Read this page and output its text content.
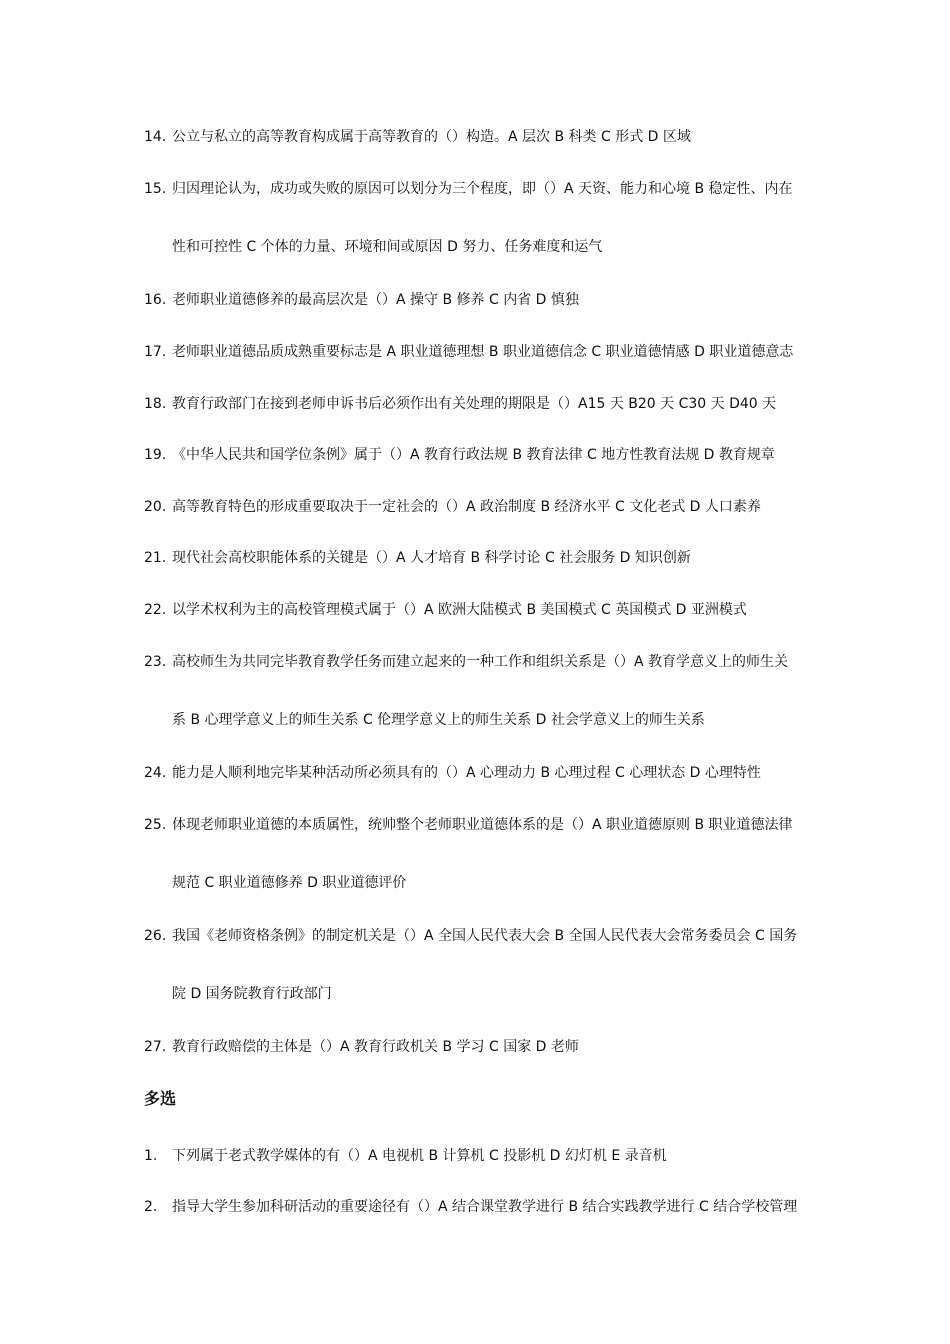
14. 公立与私立的高等教育构成属于高等教育的（）构造。A 层次 B 科类 C 形式 D 区域
15. 归因理论认为，成功或失败的原因可以划分为三个程度，即（）A 天资、能力和心境 B 稳定性、内在
性和可控性 C 个体的力量、环境和间或原因 D 努力、任务难度和运气
16. 老师职业道德修养的最高层次是（）A 操守 B 修养 C 内省 D 慎独
17. 老师职业道德品质成熟重要标志是 A 职业道德理想 B 职业道德信念 C 职业道德情感 D 职业道德意志
18. 教育行政部门在接到老师申诉书后必须作出有关处理的期限是（）A15 天 B20 天 C30 天 D40 天
19. 《中华人民共和国学位条例》属于（）A 教育行政法规 B 教育法律 C 地方性教育法规 D 教育规章
20. 高等教育特色的形成重要取决于一定社会的（）A 政治制度 B 经济水平 C 文化老式 D 人口素养
21. 现代社会高校职能体系的关键是（）A 人才培育 B 科学讨论 C 社会服务 D 知识创新
22. 以学术权利为主的高校管理模式属于（）A 欧洲大陆模式 B 美国模式 C 英国模式 D 亚洲模式
23. 高校师生为共同完毕教育教学任务而建立起来的一种工作和组织关系是（）A 教育学意义上的师生关
系 B 心理学意义上的师生关系 C 伦理学意义上的师生关系 D 社会学意义上的师生关系
24. 能力是人顺利地完毕某种活动所必须具有的（）A 心理动力 B 心理过程 C 心理状态 D 心理特性
25. 体现老师职业道德的本质属性，统帅整个老师职业道德体系的是（）A 职业道德原则 B 职业道德法律
规范 C 职业道德修养 D 职业道德评价
26. 我国《老师资格条例》的制定机关是（）A 全国人民代表大会 B 全国人民代表大会常务委员会 C 国务
院 D 国务院教育行政部门
27. 教育行政赔偿的主体是（）A 教育行政机关 B 学习 C 国家 D 老师
多选
1. 下列属于老式教学媒体的有（）A 电视机 B 计算机 C 投影机 D 幻灯机 E 录音机
2. 指导大学生参加科研活动的重要途径有（）A 结合课堂教学进行 B 结合实践教学进行 C 结合学校管理
